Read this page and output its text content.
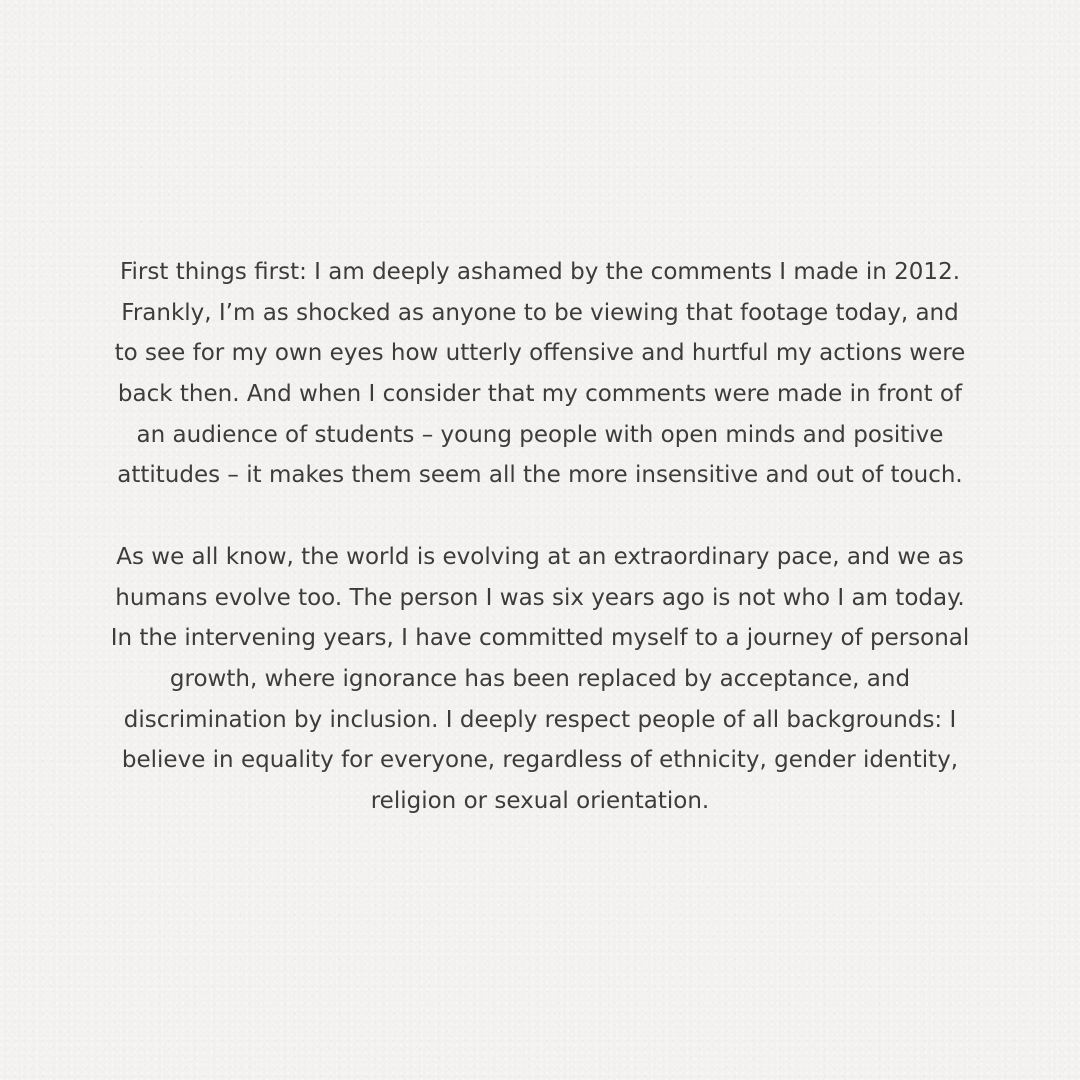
First things first: I am deeply ashamed by the comments I made in 2012.
Frankly, I’m as shocked as anyone to be viewing that footage today, and
to see for my own eyes how utterly offensive and hurtful my actions were
back then. And when I consider that my comments were made in front of
an audience of students – young people with open minds and positive
attitudes – it makes them seem all the more insensitive and out of touch.
As we all know, the world is evolving at an extraordinary pace, and we as
humans evolve too. The person I was six years ago is not who I am today.
In the intervening years, I have committed myself to a journey of personal
growth, where ignorance has been replaced by acceptance, and
discrimination by inclusion. I deeply respect people of all backgrounds: I
believe in equality for everyone, regardless of ethnicity, gender identity,
religion or sexual orientation.
